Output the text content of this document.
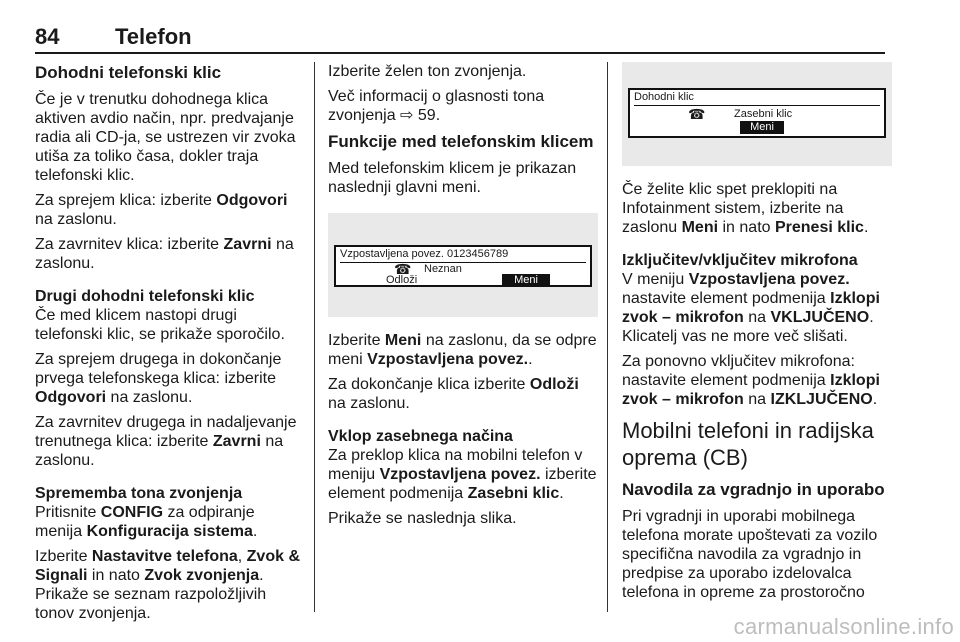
84	Telefon
Dohodni telefonski klic

Če je v trenutku dohodnega klica aktiven avdio način, npr. predvajanje radia ali CD-ja, se ustrezen vir zvoka utiša za toliko časa, dokler traja telefonski klic.

Za sprejem klica: izberite Odgovori na zaslonu.

Za zavrnitev klica: izberite Zavrni na zaslonu.

Drugi dohodni telefonski klic

Če med klicem nastopi drugi telefonski klic, se prikaže sporočilo.

Za sprejem drugega in dokončanje prvega telefonskega klica: izberite Odgovori na zaslonu.

Za zavrnitev drugega in nadaljevanje trenutnega klica: izberite Zavrni na zaslonu.

Sprememba tona zvonjenja

Pritisnite CONFIG za odpiranje menija Konfiguracija sistema.

Izberite Nastavitve telefona, Zvok & Signali in nato Zvok zvonjenja. Prikaže se seznam razpoložljivih tonov zvonjenja.

Izberite želen ton zvonjenja.

Več informacij o glasnosti tona zvonjenja ⇨ 59.

Funkcije med telefonskim klicem

Med telefonskim klicem je prikazan naslednji glavni meni.

Vzpostavljena povez. 0123456789
☎ Neznan
Odloži	Meni

Izberite Meni na zaslonu, da se odpre meni Vzpostavljena povez..

Za dokončanje klica izberite Odloži na zaslonu.

Vklop zasebnega načina

Za preklop klica na mobilni telefon v meniju Vzpostavljena povez. izberite element podmenija Zasebni klic.

Prikaže se naslednja slika.

Dohodni klic
☎	Zasebni klic
Meni

Če želite klic spet preklopiti na Infotainment sistem, izberite na zaslonu Meni in nato Prenesi klic.

Izključitev/vključitev mikrofona

V meniju Vzpostavljena povez. nastavite element podmenija Izklopi zvok – mikrofon na VKLJUČENO. Klicatelj vas ne more več slišati.

Za ponovno vključitev mikrofona: nastavite element podmenija Izklopi zvok – mikrofon na IZKLJUČENO.

Mobilni telefoni in radijska oprema (CB)
Navodila za vgradnjo in uporabo

Pri vgradnji in uporabi mobilnega telefona morate upoštevati za vozilo specifična navodila za vgradnjo in predpise za uporabo izdelovalca telefona in opreme za prostoročno

carmanualsonline.info
